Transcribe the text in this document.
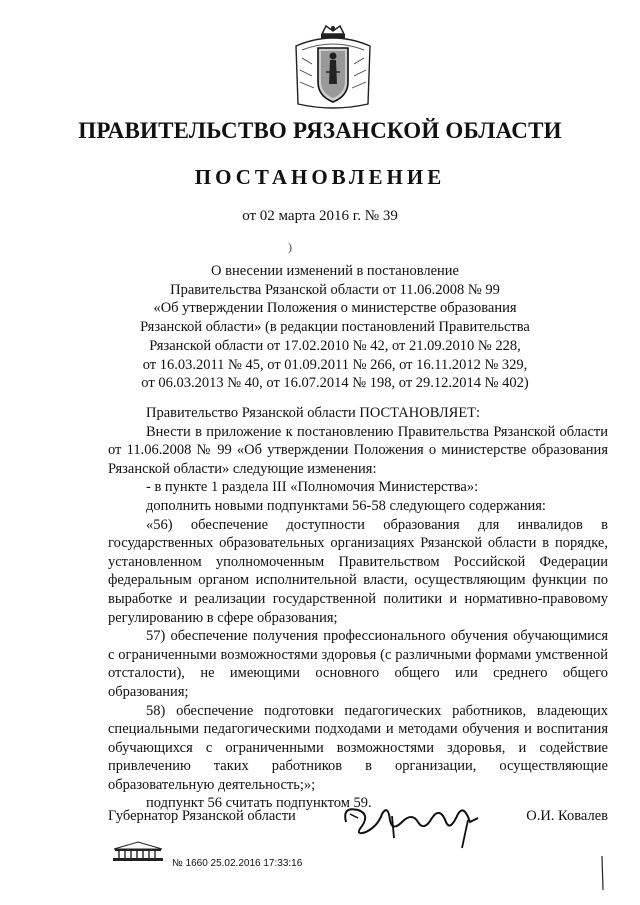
ПРАВИТЕЛЬСТВО РЯЗАНСКОЙ ОБЛАСТИ
ПОСТАНОВЛЕНИЕ
от 02 марта 2016 г. № 39
)
О внесении изменений в постановление
Правительства Рязанской области от 11.06.2008 № 99
«Об утверждении Положения о министерстве образования
Рязанской области» (в редакции постановлений Правительства
Рязанской области от 17.02.2010 № 42, от 21.09.2010 № 228,
от 16.03.2011 № 45, от 01.09.2011 № 266, от 16.11.2012 № 329,
от 06.03.2013 № 40, от 16.07.2014 № 198, от 29.12.2014 № 402)

Правительство Рязанской области ПОСТАНОВЛЯЕТ:

Внести в приложение к постановлению Правительства Рязанской области от 11.06.2008 № 99 «Об утверждении Положения о министерстве образования Рязанской области» следующие изменения:

- в пункте 1 раздела III «Полномочия Министерства»:

дополнить новыми подпунктами 56-58 следующего содержания:

«56) обеспечение доступности образования для инвалидов в государственных образовательных организациях Рязанской области в порядке, установленном уполномоченным Правительством Российской Федерации федеральным органом исполнительной власти, осуществляющим функции по выработке и реализации государственной политики и нормативно-правовому регулированию в сфере образования;

57) обеспечение получения профессионального обучения обучающимися с ограниченными возможностями здоровья (с различными формами умственной отсталости), не имеющими основного общего или среднего общего образования;

58) обеспечение подготовки педагогических работников, владеющих специальными педагогическими подходами и методами обучения и воспитания обучающихся с ограниченными возможностями здоровья, и содействие привлечению таких работников в организации, осуществляющие образовательную деятельность;»;

подпункт 56 считать подпунктом 59.

Губернатор Рязанской области	О.И. Ковалев
№ 1660 25.02.2016 17:33:16
